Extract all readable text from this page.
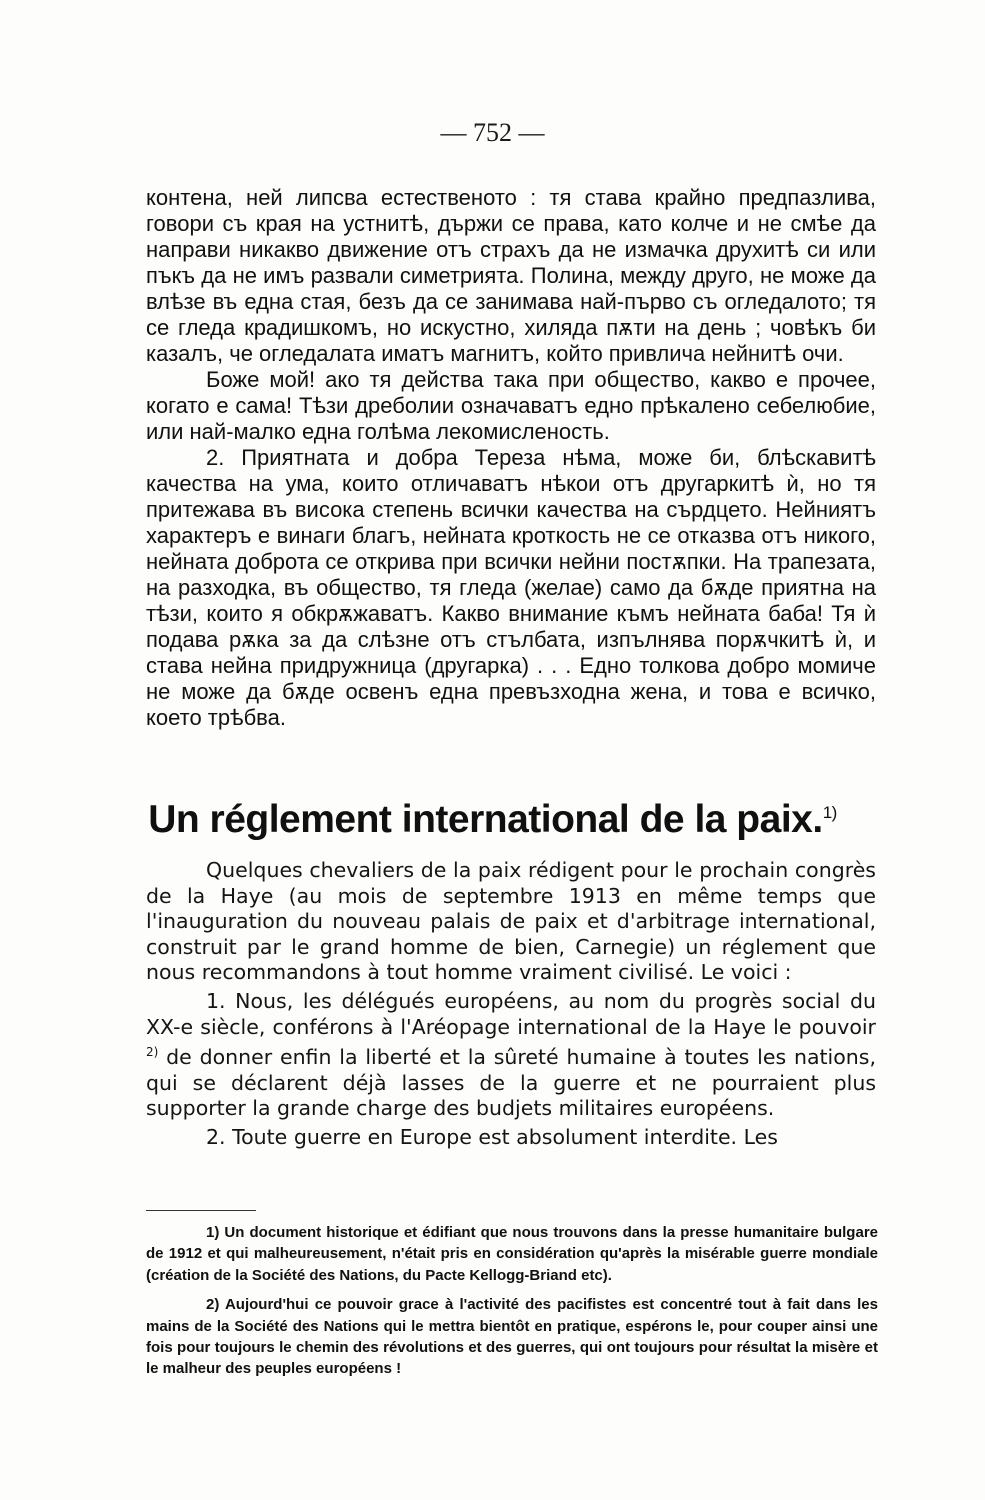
— 752 —

контена, ней липсва естественото : тя става крайно предпазлива, говори съ края на устнитѣ, държи се права, като колче и не смѣе да направи никакво движение отъ страхъ да не измачка друхитѣ си или пъкъ да не имъ развали симетрията. Полина, между друго, не може да влѣзе въ една стая, безъ да се занимава най-първо съ огледалото; тя се гледа крадишкомъ, но искустно, хиляда пѫти на день ; човѣкъ би казалъ, че огледалата иматъ магнитъ, който привлича нейнитѣ очи.

Боже мой! ако тя действа така при общество, какво е прочее, когато е сама! Тѣзи дреболии означаватъ едно прѣкалено себелюбие, или най-малко една голѣма лекомисленость.

2. Приятната и добра Тереза нѣма, може би, блѣскавитѣ качества на ума, които отличаватъ нѣкои отъ другаркитѣ ѝ, но тя притежава въ висока степень всички качества на сърдцето. Нейниятъ характеръ е винаги благъ, нейната кроткость не се отказва отъ никого, нейната доброта се открива при всички нейни постѫпки. На трапезата, на разходка, въ общество, тя гледа (желае) само да бѫде приятна на тѣзи, които я обкрѫжаватъ. Какво внимание къмъ нейната баба! Тя ѝ подава рѫка за да слѣзне отъ стълбата, изпълнява порѫчкитѣ ѝ, и става нейна придружница (другарка) . . . Едно толкова добро момиче не може да бѫде освенъ една превъзходна жена, и това е всичко, което трѣбва.

Un réglement international de la paix.$^{1)}$

Quelques chevaliers de la paix rédigent pour le prochain congrès de la Haye (au mois de septembre 1913 en même temps que l'inauguration du nouveau palais de paix et d'arbitrage international, construit par le grand homme de bien, Carnegie) un réglement que nous recommandons à tout homme vraiment civilisé. Le voici :

1. Nous, les délégués européens, au nom du progrès social du XX-e siècle, conférons à l'Aréopage international de la Haye le pouvoir $^{2)}$ de donner enfin la liberté et la sûreté humaine à toutes les nations, qui se déclarent déjà lasses de la guerre et ne pourraient plus supporter la grande charge des budjets militaires européens.

2. Toute guerre en Europe est absolument interdite. Les

1) Un document historique et édifiant que nous trouvons dans la presse humanitaire bulgare de 1912 et qui malheureusement, n'était pris en considération qu'après la misérable guerre mondiale (création de la Société des Nations, du Pacte Kellogg-Briand etc).

2) Aujourd'hui ce pouvoir grace à l'activité des pacifistes est concentré tout à fait dans les mains de la Société des Nations qui le mettra bientôt en pratique, espérons le, pour couper ainsi une fois pour toujours le chemin des révolutions et des guerres, qui ont toujours pour résultat la misère et le malheur des peuples européens !
